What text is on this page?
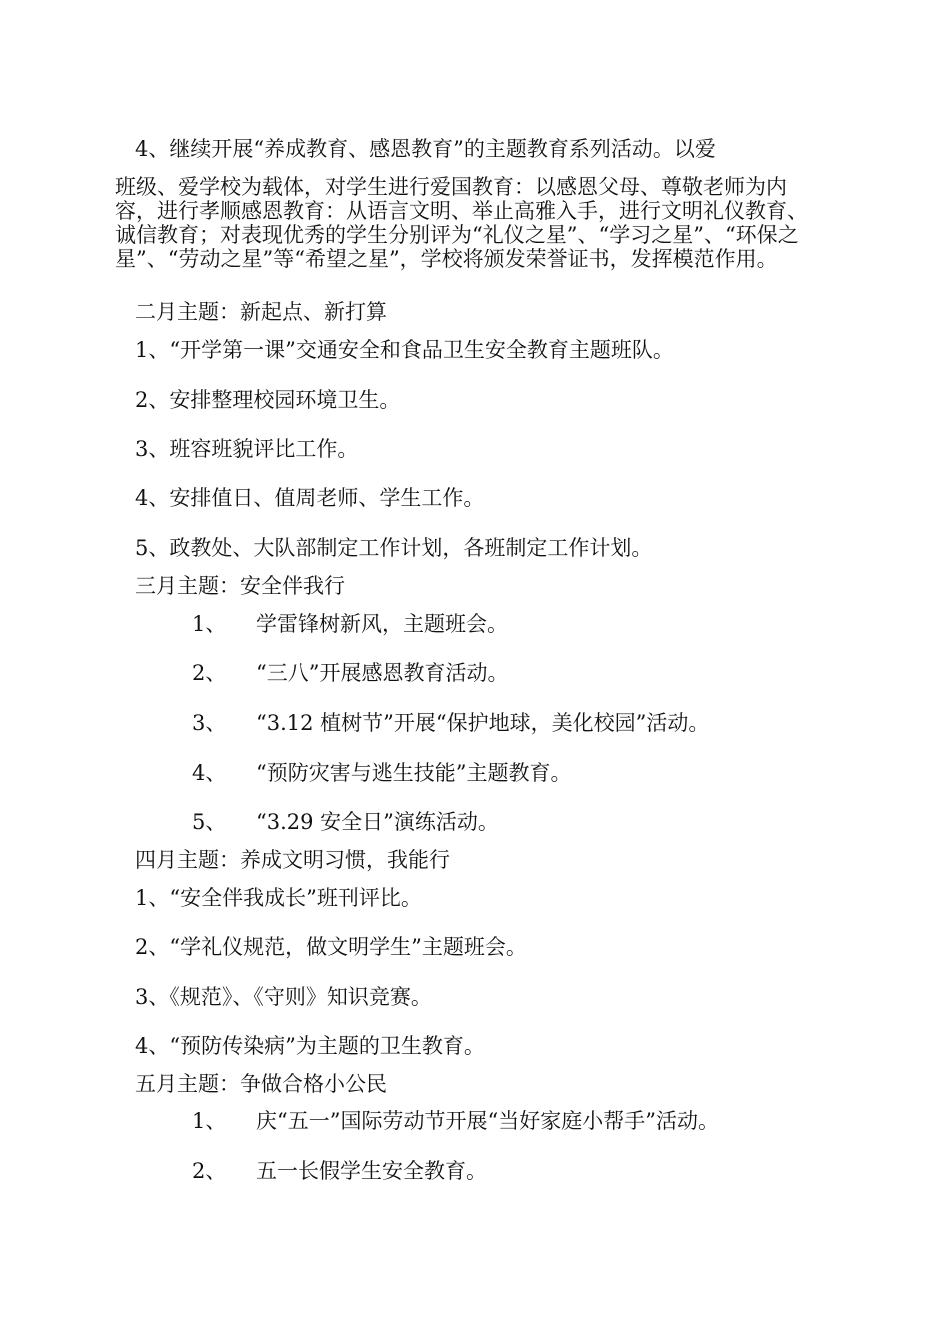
4、继续开展“养成教育、感恩教育”的主题教育系列活动。以爱
班级、爱学校为载体，对学生进行爱国教育：以感恩父母、尊敬老师为内容，进行孝顺感恩教育：从语言文明、举止高雅入手，进行文明礼仪教育、诚信教育；对表现优秀的学生分别评为“礼仪之星”、“学习之星”、“环保之星”、“劳动之星”等“希望之星”，学校将颁发荣誉证书，发挥模范作用。
二月主题：新起点、新打算
1、“开学第一课”交通安全和食品卫生安全教育主题班队。
2、安排整理校园环境卫生。
3、班容班貌评比工作。
4、安排值日、值周老师、学生工作。
5、政教处、大队部制定工作计划，各班制定工作计划。
三月主题：安全伴我行
1、 学雷锋树新风，主题班会。
2、 “三八”开展感恩教育活动。
3、 “3.12 植树节”开展“保护地球，美化校园”活动。
4、 “预防灾害与逃生技能”主题教育。
5、 “3.29 安全日”演练活动。
四月主题：养成文明习惯，我能行
1、“安全伴我成长”班刊评比。
2、“学礼仪规范，做文明学生”主题班会。
3、《规范》、《守则》知识竞赛。
4、“预防传染病”为主题的卫生教育。
五月主题：争做合格小公民
1、 庆“五一”国际劳动节开展“当好家庭小帮手”活动。
2、 五一长假学生安全教育。
